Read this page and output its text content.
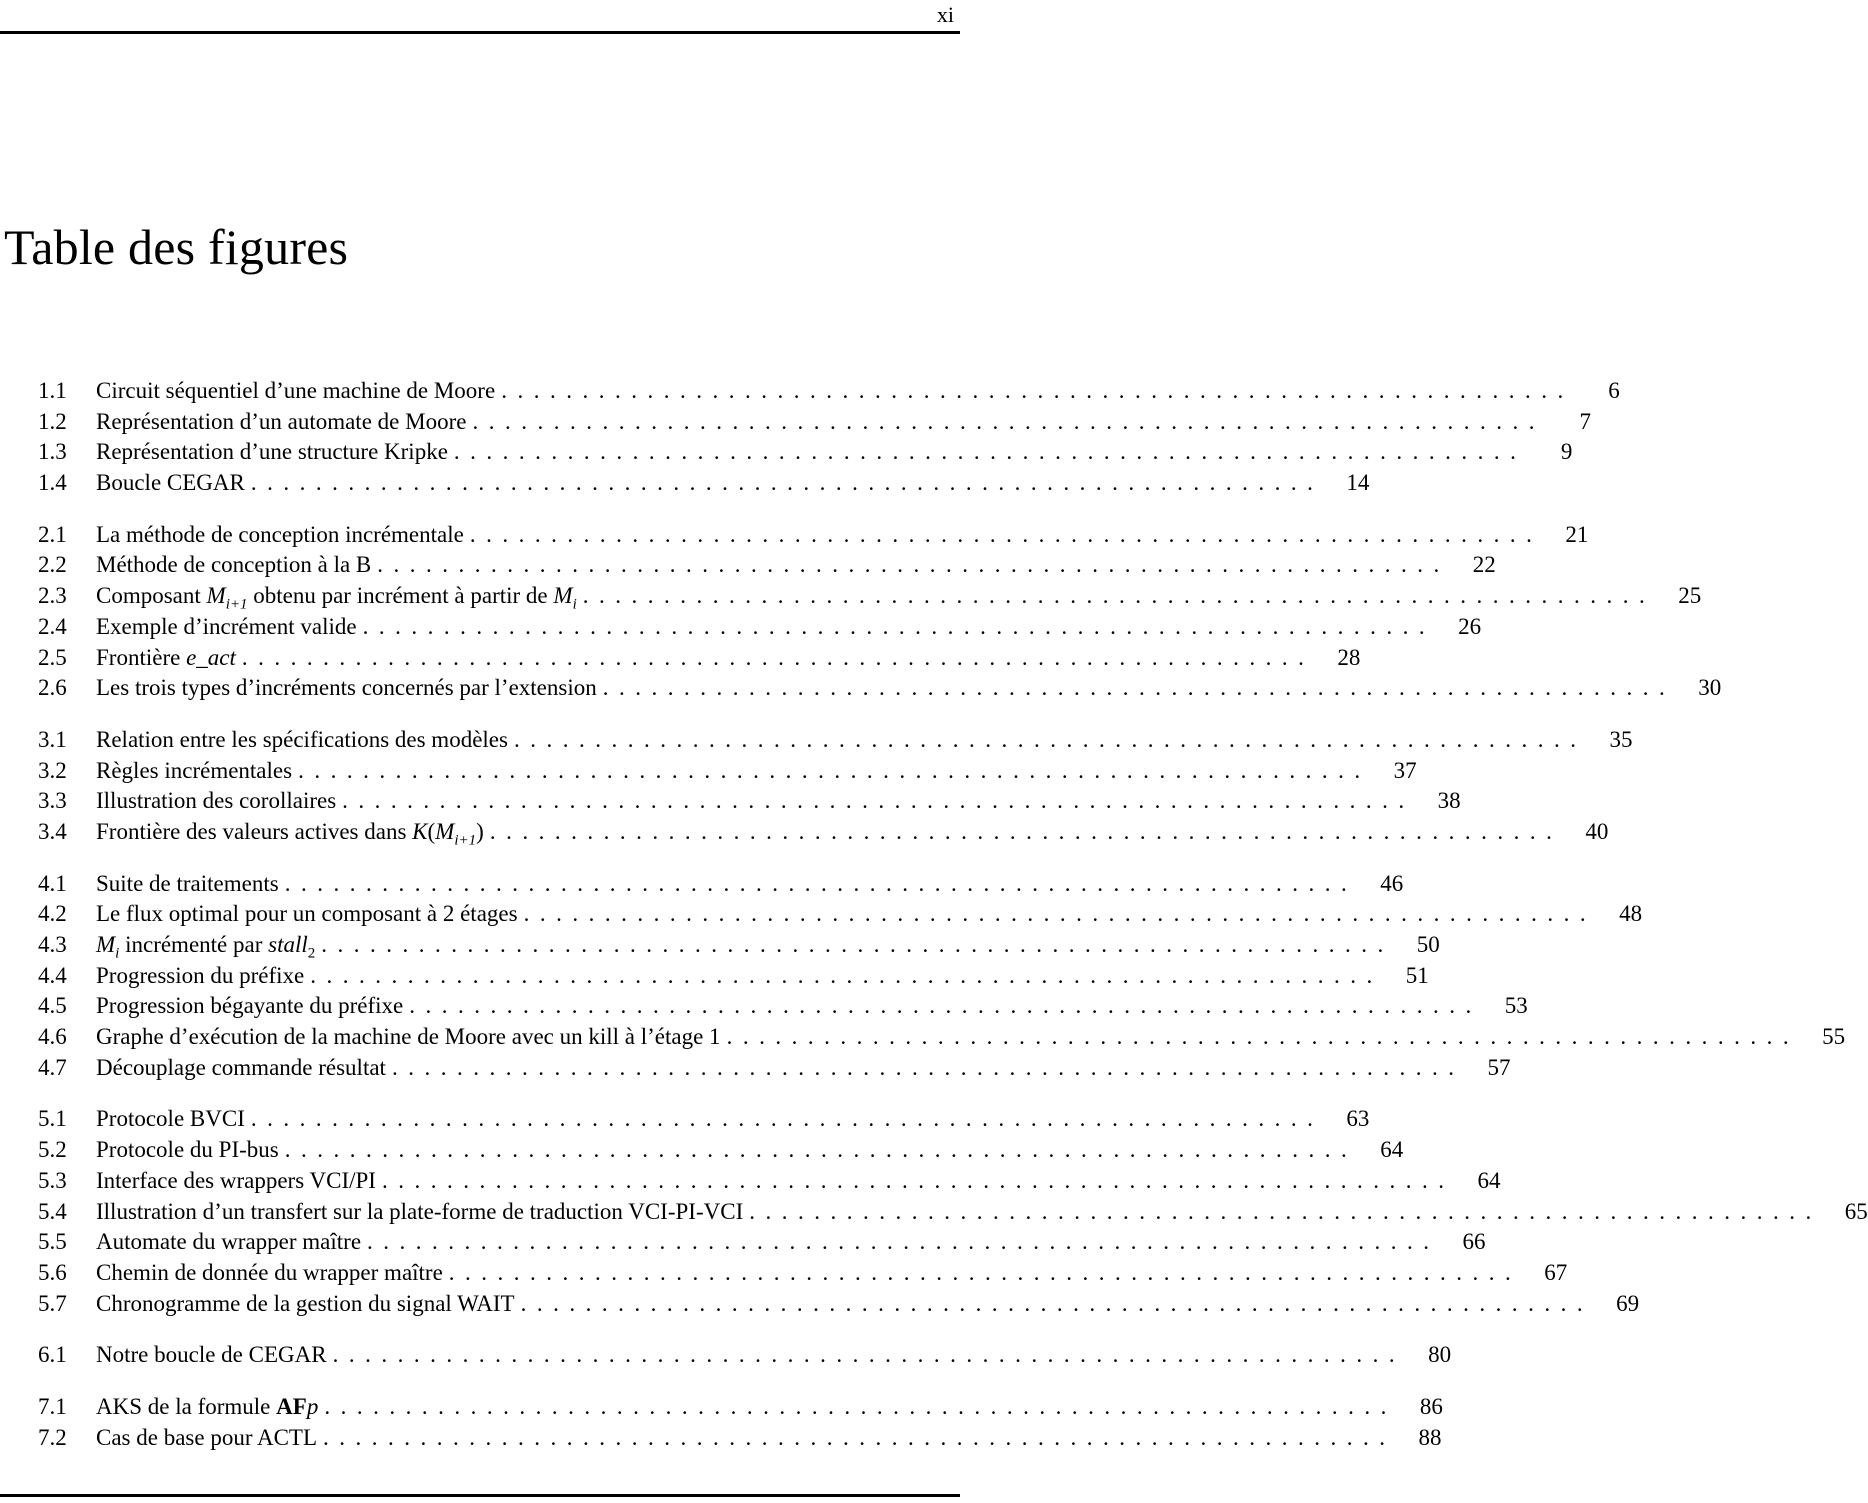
xi
Table des figures
1.1	Circuit séquentiel d’une machine de Moore ..................................................................	6
1.2	Représentation d’un automate de Moore ..................................................................	7
1.3	Représentation d’une structure Kripke ..................................................................	9
1.4	Boucle CEGAR ..................................................................	14
2.1	La méthode de conception incrémentale ..................................................................	21
2.2	Méthode de conception à la B ..................................................................	22
2.3	Composant $M_{i+1}$ obtenu par incrément à partir de $M_i$ ..................................................................	25
2.4	Exemple d’incrément valide ..................................................................	26
2.5	Frontière e_act ..................................................................	28
2.6	Les trois types d’incréments concernés par l’extension ..................................................................	30
3.1	Relation entre les spécifications des modèles ..................................................................	35
3.2	Règles incrémentales ..................................................................	37
3.3	Illustration des corollaires ..................................................................	38
3.4	Frontière des valeurs actives dans $K(M_{i+1})$ ..................................................................	40
4.1	Suite de traitements ..................................................................	46
4.2	Le flux optimal pour un composant à 2 étages ..................................................................	48
4.3	$M_i$ incrémenté par stall$_2$ ..................................................................	50
4.4	Progression du préfixe ..................................................................	51
4.5	Progression bégayante du préfixe ..................................................................	53
4.6	Graphe d’exécution de la machine de Moore avec un kill à l’étage 1 ..................................................................	55
4.7	Découplage commande résultat ..................................................................	57
5.1	Protocole BVCI ..................................................................	63
5.2	Protocole du PI-bus ..................................................................	64
5.3	Interface des wrappers VCI/PI ..................................................................	64
5.4	Illustration d’un transfert sur la plate-forme de traduction VCI-PI-VCI ..................................................................	65
5.5	Automate du wrapper maître ..................................................................	66
5.6	Chemin de donnée du wrapper maître ..................................................................	67
5.7	Chronogramme de la gestion du signal WAIT ..................................................................	69
6.1	Notre boucle de CEGAR ..................................................................	80
7.1	AKS de la formule AFp ..................................................................	86
7.2	Cas de base pour ACTL ..................................................................	88
